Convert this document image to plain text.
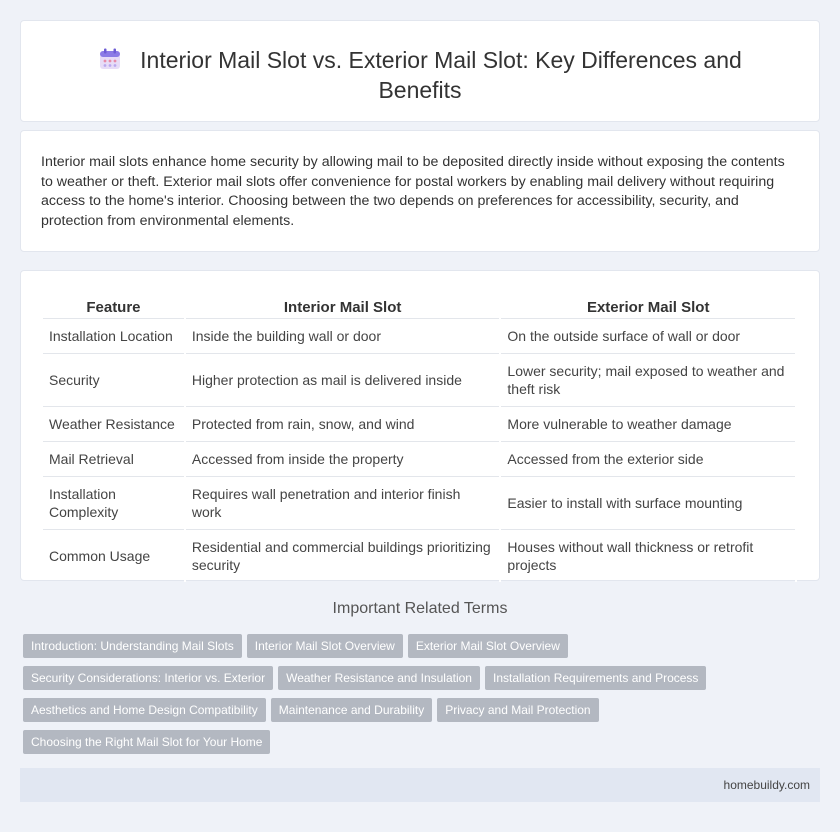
Interior Mail Slot vs. Exterior Mail Slot: Key Differences and Benefits

Interior mail slots enhance home security by allowing mail to be deposited directly inside without exposing the contents to weather or theft. Exterior mail slots offer convenience for postal workers by enabling mail delivery without requiring access to the home's interior. Choosing between the two depends on preferences for accessibility, security, and protection from environmental elements.

Feature	Interior Mail Slot	Exterior Mail Slot
Installation Location	Inside the building wall or door	On the outside surface of wall or door
Security	Higher protection as mail is delivered inside	Lower security; mail exposed to weather and theft risk
Weather Resistance	Protected from rain, snow, and wind	More vulnerable to weather damage
Mail Retrieval	Accessed from inside the property	Accessed from the exterior side
Installation Complexity	Requires wall penetration and interior finish work	Easier to install with surface mounting
Common Usage	Residential and commercial buildings prioritizing security	Houses without wall thickness or retrofit projects
Important Related Terms
Introduction: Understanding Mail Slots Interior Mail Slot Overview Exterior Mail Slot Overview
Security Considerations: Interior vs. Exterior Weather Resistance and Insulation Installation Requirements and Process
Aesthetics and Home Design Compatibility Maintenance and Durability Privacy and Mail Protection
Choosing the Right Mail Slot for Your Home
homebuildy.com
